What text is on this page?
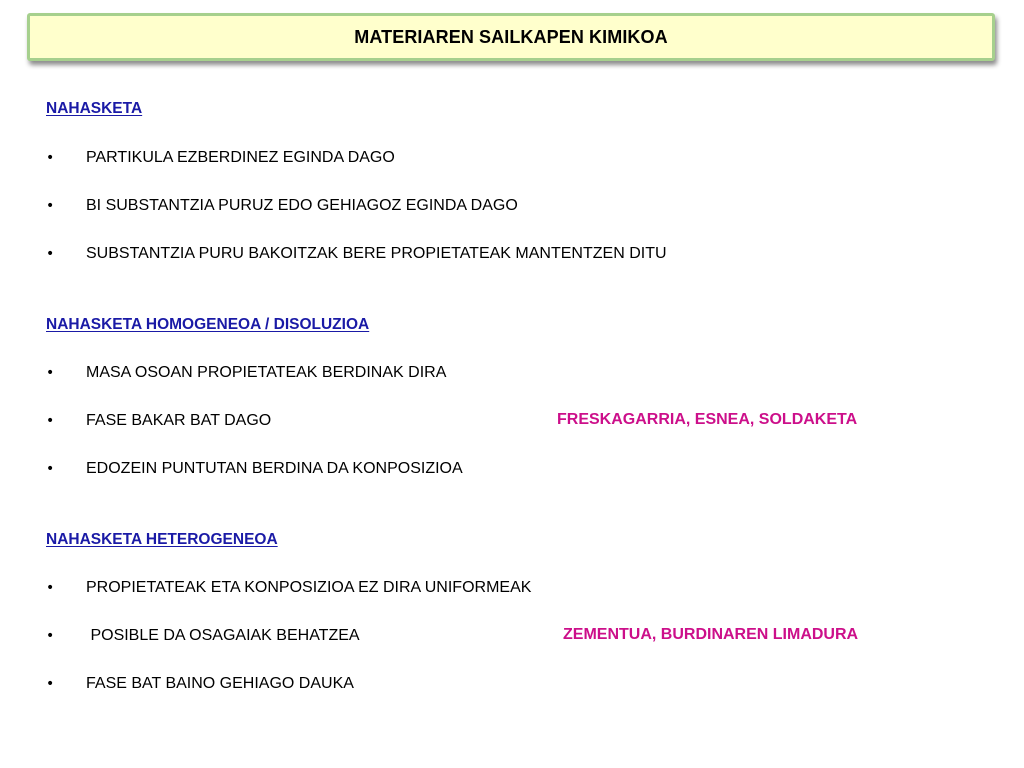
MATERIAREN SAILKAPEN KIMIKOA
NAHASKETA
•	PARTIKULA EZBERDINEZ EGINDA DAGO
•	BI SUBSTANTZIA PURUZ EDO GEHIAGOZ EGINDA DAGO
•	SUBSTANTZIA PURU BAKOITZAK BERE PROPIETATEAK MANTENTZEN DITU
NAHASKETA HOMOGENEOA / DISOLUZIOA
•	MASA OSOAN PROPIETATEAK BERDINAK DIRA
•	FASE BAKAR BAT DAGO	FRESKAGARRIA, ESNEA, SOLDAKETA
•	EDOZEIN PUNTUTAN BERDINA DA KONPOSIZIOA
NAHASKETA HETEROGENEOA
•	PROPIETATEAK ETA KONPOSIZIOA EZ DIRA UNIFORMEAK
•	POSIBLE DA OSAGAIAK BEHATZEA	ZEMENTUA, BURDINAREN LIMADURA
•	FASE BAT BAINO GEHIAGO DAUKA
